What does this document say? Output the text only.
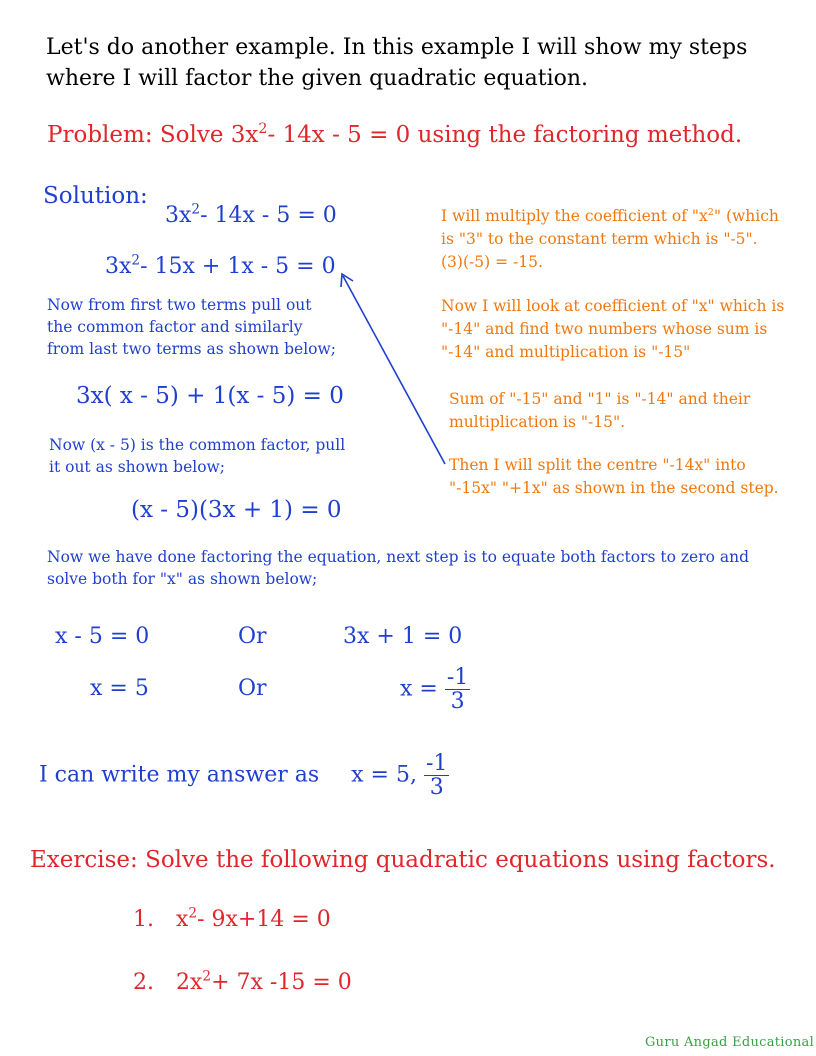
Let's do another example. In this example I will show my steps
where I will factor the given quadratic equation.
Problem: Solve $3x^2-$ 14x - 5 = 0 using the factoring method.
Solution:
$3x^2-$ 14x - 5 = 0
$3x^2-$ 15x + 1x - 5 = 0
Now from first two terms pull out
the common factor and similarly
from last two terms as shown below;
3x( x - 5) + 1(x - 5) = 0
Now (x - 5) is the common factor, pull
it out as shown below;
(x - 5)(3x + 1) = 0
Now we have done factoring the equation, next step is to equate both factors to zero and
solve both for "x" as shown below;
x - 5 = 0	Or	3x + 1 = 0
x = 5	Or	$x = \frac{-1}{3}$
I can write my answer as x = 5, $\frac{-1}{3}$
I will multiply the coefficient of "$x^2$" (which
is "3" to the constant term which is "-5".
(3)(-5) = -15.
Now I will look at coefficient of "x" which is
"-14" and find two numbers whose sum is
"-14" and multiplication is "-15"
Sum of "-15" and "1" is "-14" and their
multiplication is "-15".
Then I will split the centre "-14x" into
"-15x" "+1x" as shown in the second step.
Exercise: Solve the following quadratic equations using factors.
1. $x^2-$ 9x+14 = 0
2. $2x^2+ 7x$ -15 = 0
Guru Angad Educational
